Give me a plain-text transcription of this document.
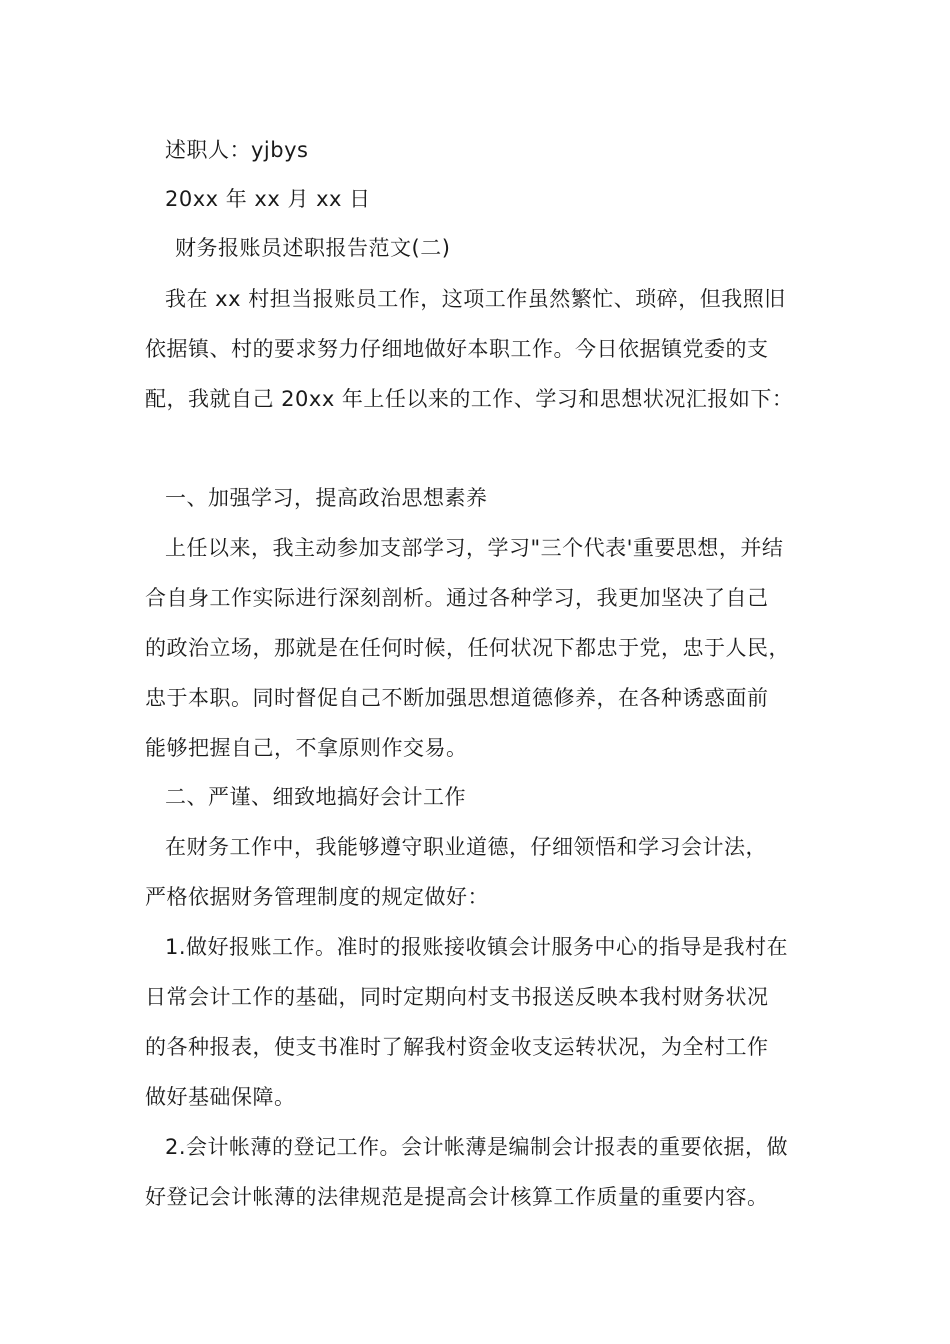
述职人：yjbys
20xx 年 xx 月 xx 日
财务报账员述职报告范文(二)
我在 xx 村担当报账员工作，这项工作虽然繁忙、琐碎，但我照旧
依据镇、村的要求努力仔细地做好本职工作。今日依据镇党委的支
配，我就自己 20xx 年上任以来的工作、学习和思想状况汇报如下：
一、加强学习，提高政治思想素养
上任以来，我主动参加支部学习，学习"三个代表'重要思想，并结
合自身工作实际进行深刻剖析。通过各种学习，我更加坚决了自己
的政治立场，那就是在任何时候，任何状况下都忠于党，忠于人民，
忠于本职。同时督促自己不断加强思想道德修养，在各种诱惑面前
能够把握自己，不拿原则作交易。
二、严谨、细致地搞好会计工作
在财务工作中，我能够遵守职业道德，仔细领悟和学习会计法，
严格依据财务管理制度的规定做好：
1.做好报账工作。准时的报账接收镇会计服务中心的指导是我村在
日常会计工作的基础，同时定期向村支书报送反映本我村财务状况
的各种报表，使支书准时了解我村资金收支运转状况，为全村工作
做好基础保障。
2.会计帐薄的登记工作。会计帐薄是编制会计报表的重要依据，做
好登记会计帐薄的法律规范是提高会计核算工作质量的重要内容。
